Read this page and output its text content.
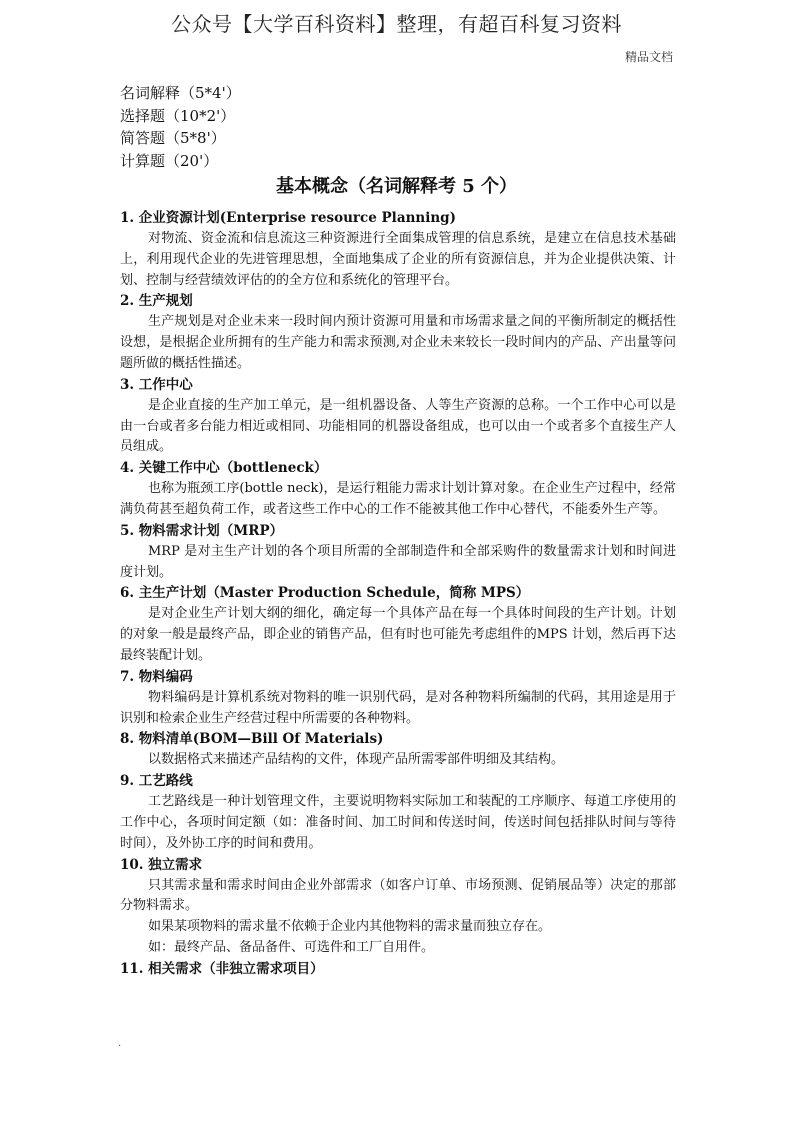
公众号【大学百科资料】整理，有超百科复习资料
精品文档
名词解释（5*4'）
选择题（10*2'）
简答题（5*8'）
计算题（20'）
基本概念（名词解释考 5 个）
1. 企业资源计划(Enterprise resource Planning)

对物流、资金流和信息流这三种资源进行全面集成管理的信息系统，是建立在信息技术基础上，利用现代企业的先进管理思想，全面地集成了企业的所有资源信息，并为企业提供决策、计划、控制与经营绩效评估的的全方位和系统化的管理平台。

2. 生产规划

生产规划是对企业未来一段时间内预计资源可用量和市场需求量之间的平衡所制定的概括性设想，是根据企业所拥有的生产能力和需求预测,对企业未来较长一段时间内的产品、产出量等问题所做的概括性描述。

3. 工作中心

是企业直接的生产加工单元，是一组机器设备、人等生产资源的总称。一个工作中心可以是由一台或者多台能力相近或相同、功能相同的机器设备组成，也可以由一个或者多个直接生产人员组成。

4. 关键工作中心（bottleneck）

也称为瓶颈工序(bottle neck)，是运行粗能力需求计划计算对象。在企业生产过程中，经常满负荷甚至超负荷工作，或者这些工作中心的工作不能被其他工作中心替代，不能委外生产等。

5. 物料需求计划（MRP）

MRP 是对主生产计划的各个项目所需的全部制造件和全部采购件的数量需求计划和时间进度计划。

6. 主生产计划（Master Production Schedule，简称 MPS）

是对企业生产计划大纲的细化，确定每一个具体产品在每一个具体时间段的生产计划。计划的对象一般是最终产品，即企业的销售产品，但有时也可能先考虑组件的MPS 计划，然后再下达最终装配计划。

7. 物料编码

物料编码是计算机系统对物料的唯一识别代码，是对各种物料所编制的代码，其用途是用于识别和检索企业生产经营过程中所需要的各种物料。

8. 物料清单(BOM—Bill Of Materials)

以数据格式来描述产品结构的文件，体现产品所需零部件明细及其结构。

9. 工艺路线

工艺路线是一种计划管理文件，主要说明物料实际加工和装配的工序顺序、每道工序使用的工作中心，各项时间定额（如：准备时间、加工时间和传送时间，传送时间包括排队时间与等待时间），及外协工序的时间和费用。

10. 独立需求

只其需求量和需求时间由企业外部需求（如客户订单、市场预测、促销展品等）决定的那部分物料需求。

如果某项物料的需求量不依赖于企业内其他物料的需求量而独立存在。

如：最终产品、备品备件、可选件和工厂自用件。

11. 相关需求（非独立需求项目）
.
